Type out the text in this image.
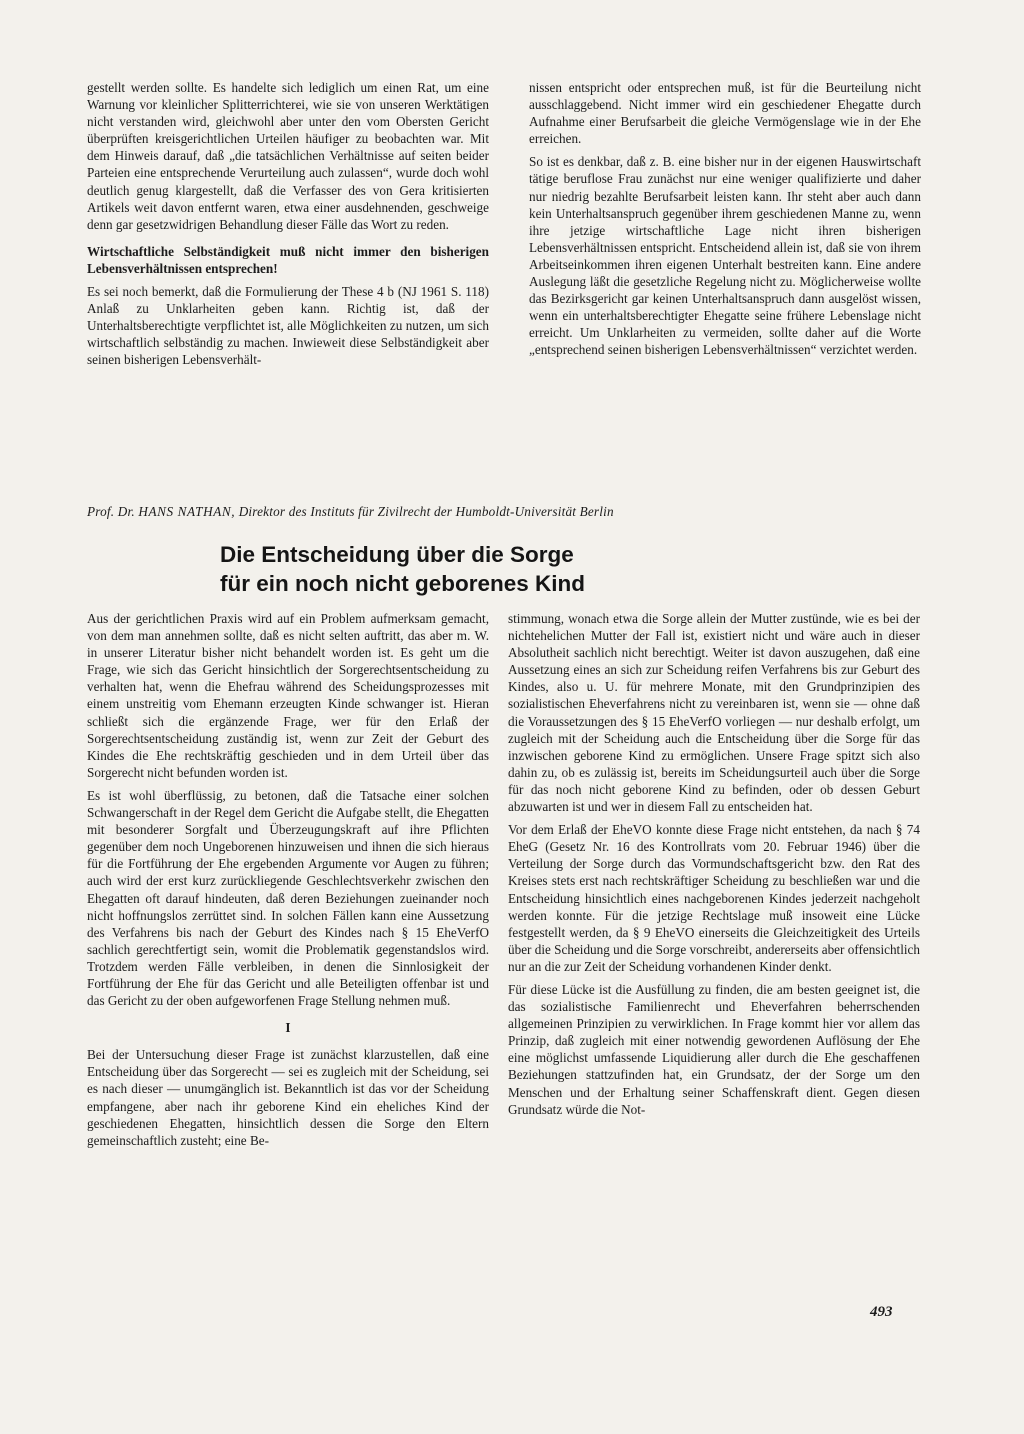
gestellt werden sollte. Es handelte sich lediglich um einen Rat, um eine Warnung vor kleinlicher Splitterrichterei, wie sie von unseren Werktätigen nicht verstanden wird, gleichwohl aber unter den vom Obersten Gericht überprüften kreisgerichtlichen Urteilen häufiger zu beobachten war. Mit dem Hinweis darauf, daß „die tatsächlichen Verhältnisse auf seiten beider Parteien eine entsprechende Verurteilung auch zulassen“, wurde doch wohl deutlich genug klargestellt, daß die Verfasser des von Gera kritisierten Artikels weit davon entfernt waren, etwa einer ausdehnenden, geschweige denn gar gesetzwidrigen Behandlung dieser Fälle das Wort zu reden.

Wirtschaftliche Selbständigkeit muß nicht immer den bisherigen Lebensverhältnissen entsprechen!

Es sei noch bemerkt, daß die Formulierung der These 4 b (NJ 1961 S. 118) Anlaß zu Unklarheiten geben kann. Richtig ist, daß der Unterhaltsberechtigte verpflichtet ist, alle Möglichkeiten zu nutzen, um sich wirtschaftlich selbständig zu machen. Inwieweit diese Selbständigkeit aber seinen bisherigen Lebensverhält-

nissen entspricht oder entsprechen muß, ist für die Beurteilung nicht ausschlaggebend. Nicht immer wird ein geschiedener Ehegatte durch Aufnahme einer Berufsarbeit die gleiche Vermögenslage wie in der Ehe erreichen.

So ist es denkbar, daß z. B. eine bisher nur in der eigenen Hauswirtschaft tätige beruflose Frau zunächst nur eine weniger qualifizierte und daher nur niedrig bezahlte Berufsarbeit leisten kann. Ihr steht aber auch dann kein Unterhaltsanspruch gegenüber ihrem geschiedenen Manne zu, wenn ihre jetzige wirtschaftliche Lage nicht ihren bisherigen Lebensverhältnissen entspricht. Entscheidend allein ist, daß sie von ihrem Arbeitseinkommen ihren eigenen Unterhalt bestreiten kann. Eine andere Auslegung läßt die gesetzliche Regelung nicht zu. Möglicherweise wollte das Bezirksgericht gar keinen Unterhaltsanspruch dann ausgelöst wissen, wenn ein unterhaltsberechtigter Ehegatte seine frühere Lebenslage nicht erreicht. Um Unklarheiten zu vermeiden, sollte daher auf die Worte „entsprechend seinen bisherigen Lebensverhältnissen“ verzichtet werden.

Prof. Dr. HANS NATHAN, Direktor des Instituts für Zivilrecht der Humboldt-Universität Berlin
Die Entscheidung über die Sorge
für ein noch nicht geborenes Kind

Aus der gerichtlichen Praxis wird auf ein Problem aufmerksam gemacht, von dem man annehmen sollte, daß es nicht selten auftritt, das aber m. W. in unserer Literatur bisher nicht behandelt worden ist. Es geht um die Frage, wie sich das Gericht hinsichtlich der Sorgerechtsentscheidung zu verhalten hat, wenn die Ehefrau während des Scheidungsprozesses mit einem unstreitig vom Ehemann erzeugten Kinde schwanger ist. Hieran schließt sich die ergänzende Frage, wer für den Erlaß der Sorgerechtsentscheidung zuständig ist, wenn zur Zeit der Geburt des Kindes die Ehe rechtskräftig geschieden und in dem Urteil über das Sorgerecht nicht befunden worden ist.

Es ist wohl überflüssig, zu betonen, daß die Tatsache einer solchen Schwangerschaft in der Regel dem Gericht die Aufgabe stellt, die Ehegatten mit besonderer Sorgfalt und Überzeugungskraft auf ihre Pflichten gegenüber dem noch Ungeborenen hinzuweisen und ihnen die sich hieraus für die Fortführung der Ehe ergebenden Argumente vor Augen zu führen; auch wird der erst kurz zurückliegende Geschlechtsverkehr zwischen den Ehegatten oft darauf hindeuten, daß deren Beziehungen zueinander noch nicht hoffnungslos zerrüttet sind. In solchen Fällen kann eine Aussetzung des Verfahrens bis nach der Geburt des Kindes nach § 15 EheVerfO sachlich gerechtfertigt sein, womit die Problematik gegenstandslos wird. Trotzdem werden Fälle verbleiben, in denen die Sinnlosigkeit der Fortführung der Ehe für das Gericht und alle Beteiligten offenbar ist und das Gericht zu der oben aufgeworfenen Frage Stellung nehmen muß.

I

Bei der Untersuchung dieser Frage ist zunächst klarzustellen, daß eine Entscheidung über das Sorgerecht — sei es zugleich mit der Scheidung, sei es nach dieser — unumgänglich ist. Bekanntlich ist das vor der Scheidung empfangene, aber nach ihr geborene Kind ein eheliches Kind der geschiedenen Ehegatten, hinsichtlich dessen die Sorge den Eltern gemeinschaftlich zusteht; eine Be-

stimmung, wonach etwa die Sorge allein der Mutter zustünde, wie es bei der nichtehelichen Mutter der Fall ist, existiert nicht und wäre auch in dieser Absolutheit sachlich nicht berechtigt. Weiter ist davon auszugehen, daß eine Aussetzung eines an sich zur Scheidung reifen Verfahrens bis zur Geburt des Kindes, also u. U. für mehrere Monate, mit den Grundprinzipien des sozialistischen Eheverfahrens nicht zu vereinbaren ist, wenn sie — ohne daß die Voraussetzungen des § 15 EheVerfO vorliegen — nur deshalb erfolgt, um zugleich mit der Scheidung auch die Entscheidung über die Sorge für das inzwischen geborene Kind zu ermöglichen. Unsere Frage spitzt sich also dahin zu, ob es zulässig ist, bereits im Scheidungsurteil auch über die Sorge für das noch nicht geborene Kind zu befinden, oder ob dessen Geburt abzuwarten ist und wer in diesem Fall zu entscheiden hat.

Vor dem Erlaß der EheVO konnte diese Frage nicht entstehen, da nach § 74 EheG (Gesetz Nr. 16 des Kontrollrats vom 20. Februar 1946) über die Verteilung der Sorge durch das Vormundschaftsgericht bzw. den Rat des Kreises stets erst nach rechtskräftiger Scheidung zu beschließen war und die Entscheidung hinsichtlich eines nachgeborenen Kindes jederzeit nachgeholt werden konnte. Für die jetzige Rechtslage muß insoweit eine Lücke festgestellt werden, da § 9 EheVO einerseits die Gleichzeitigkeit des Urteils über die Scheidung und die Sorge vorschreibt, andererseits aber offensichtlich nur an die zur Zeit der Scheidung vorhandenen Kinder denkt.

Für diese Lücke ist die Ausfüllung zu finden, die am besten geeignet ist, die das sozialistische Familienrecht und Eheverfahren beherrschenden allgemeinen Prinzipien zu verwirklichen. In Frage kommt hier vor allem das Prinzip, daß zugleich mit einer notwendig gewordenen Auflösung der Ehe eine möglichst umfassende Liquidierung aller durch die Ehe geschaffenen Beziehungen stattzufinden hat, ein Grundsatz, der der Sorge um den Menschen und der Erhaltung seiner Schaffenskraft dient. Gegen diesen Grundsatz würde die Not-

493
